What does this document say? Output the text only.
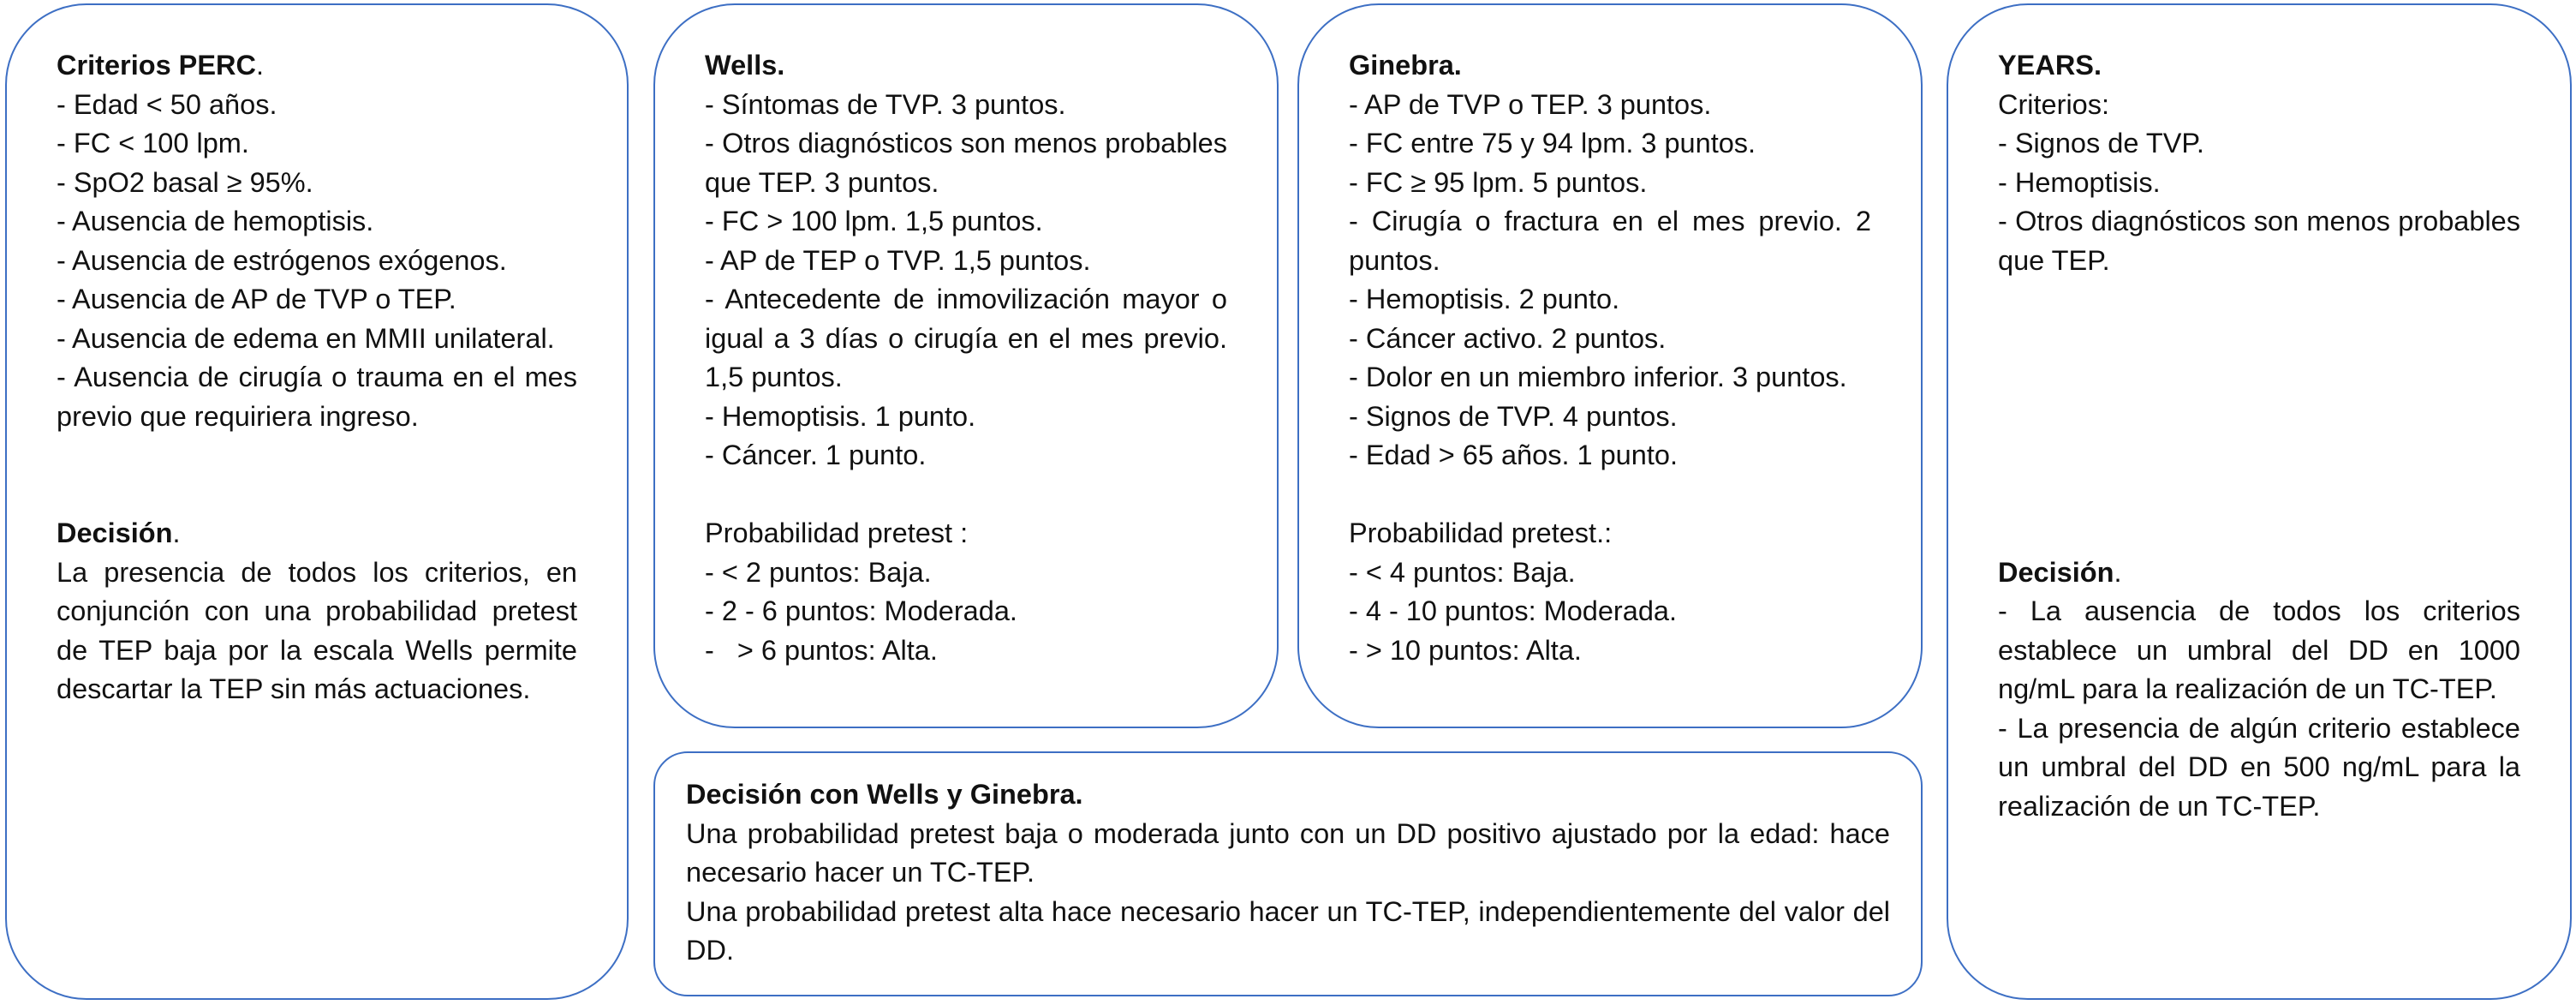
Criterios PERC.

- Edad < 50 años.

- FC < 100 lpm.

- SpO2 basal ≥ 95%.

- Ausencia de hemoptisis.

- Ausencia de estrógenos exógenos.

- Ausencia de AP de TVP o TEP.

- Ausencia de edema en MMII unilateral.

- Ausencia de cirugía o trauma en el mes previo que requiriera ingreso.

Decisión.

La presencia de todos los criterios, en conjunción con una probabilidad pretest de TEP baja por la escala Wells permite descartar la TEP sin más actuaciones.

Wells.

- Síntomas de TVP. 3 puntos.

- Otros diagnósticos son menos probables que TEP. 3 puntos.

- FC > 100 lpm. 1,5 puntos.

- AP de TEP o TVP. 1,5 puntos.

- Antecedente de inmovilización mayor o igual a 3 días o cirugía en el mes previo. 1,5 puntos.

- Hemoptisis. 1 punto.

- Cáncer. 1 punto.

Probabilidad pretest :

- < 2 puntos: Baja.

- 2 - 6 puntos: Moderada.

-   > 6 puntos: Alta.

Ginebra.

- AP de TVP o TEP. 3 puntos.

- FC entre 75 y 94 lpm. 3 puntos.

- FC ≥ 95 lpm. 5 puntos.

- Cirugía o fractura en el mes previo. 2 puntos.

- Hemoptisis. 2 punto.

- Cáncer activo. 2 puntos.

- Dolor en un miembro inferior. 3 puntos.

- Signos de TVP. 4 puntos.

- Edad > 65 años. 1 punto.

Probabilidad pretest.:

- < 4 puntos: Baja.

- 4 - 10 puntos: Moderada.

- > 10 puntos: Alta.

YEARS.

Criterios:

- Signos de TVP.

- Hemoptisis.

- Otros diagnósticos son menos probables que TEP.

Decisión.

- La ausencia de todos los criterios establece un umbral del DD en 1000 ng/mL para la realización de un TC-TEP.

- La presencia de algún criterio establece un umbral del DD en 500 ng/mL para la realización de un TC-TEP.

Decisión con Wells y Ginebra.

Una probabilidad pretest baja o moderada junto con un DD positivo ajustado por la edad: hace necesario hacer un TC-TEP.

Una probabilidad pretest alta hace necesario hacer un TC-TEP, independientemente del valor del DD.
